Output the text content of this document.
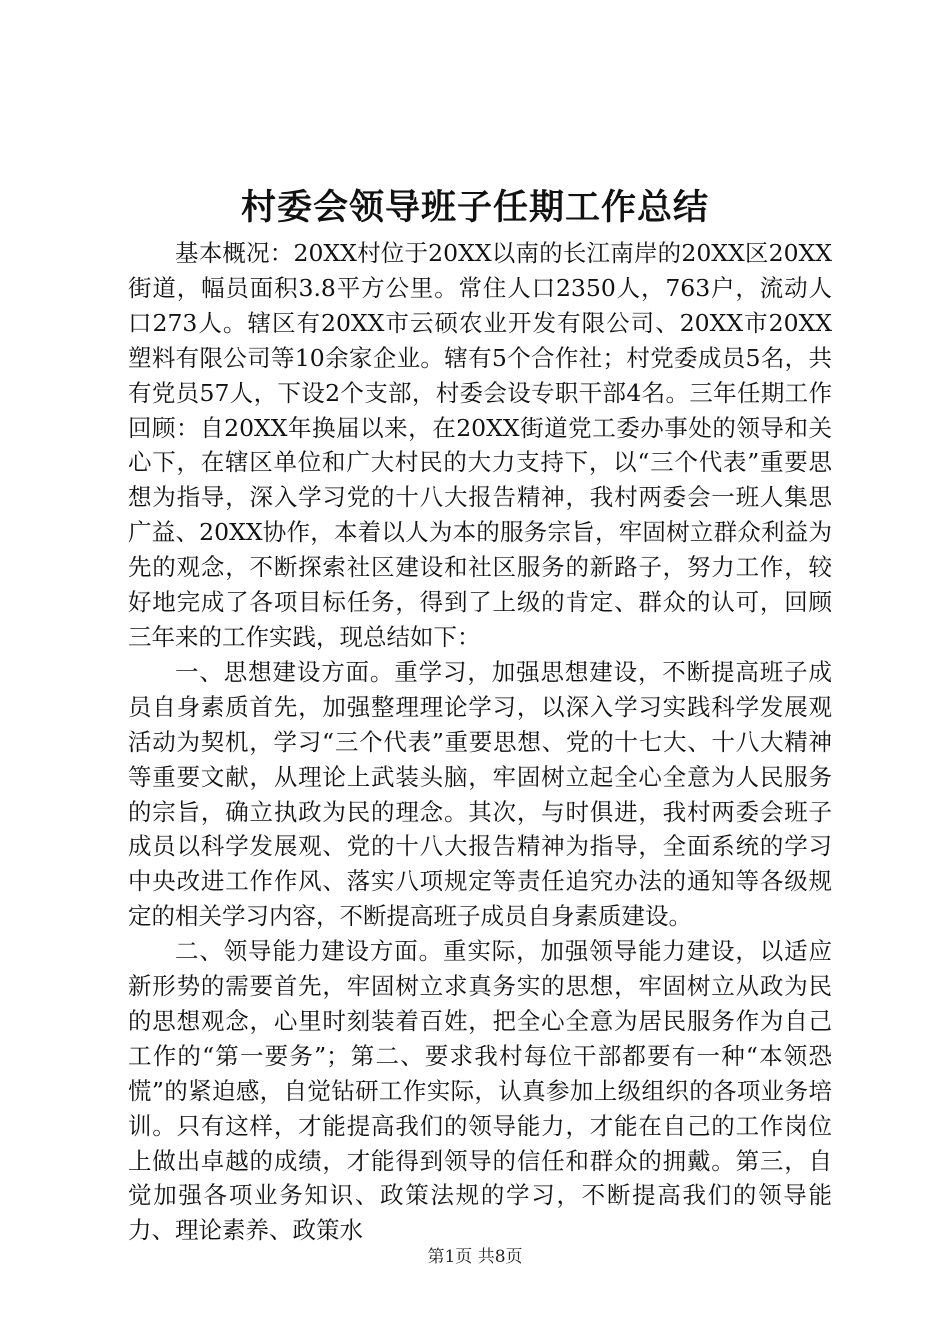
村委会领导班子任期工作总结

基本概况：20XX村位于20XX以南的长江南岸的20XX区20XX街道，幅员面积3.8平方公里。常住人口2350人，763户，流动人口273人。辖区有20XX市云硕农业开发有限公司、20XX市20XX塑料有限公司等10余家企业。辖有5个合作社；村党委成员5名，共有党员57人，下设2个支部，村委会设专职干部4名。三年任期工作回顾：自20XX年换届以来，在20XX街道党工委办事处的领导和关心下，在辖区单位和广大村民的大力支持下，以“三个代表”重要思想为指导，深入学习党的十八大报告精神，我村两委会一班人集思广益、20XX协作，本着以人为本的服务宗旨，牢固树立群众利益为先的观念，不断探索社区建设和社区服务的新路子，努力工作，较好地完成了各项目标任务，得到了上级的肯定、群众的认可，回顾三年来的工作实践，现总结如下：

一、思想建设方面。重学习，加强思想建设，不断提高班子成员自身素质首先，加强整理理论学习，以深入学习实践科学发展观活动为契机，学习“三个代表”重要思想、党的十七大、十八大精神等重要文献，从理论上武装头脑，牢固树立起全心全意为人民服务的宗旨，确立执政为民的理念。其次，与时俱进，我村两委会班子成员以科学发展观、党的十八大报告精神为指导，全面系统的学习中央改进工作作风、落实八项规定等责任追究办法的通知等各级规定的相关学习内容，不断提高班子成员自身素质建设。

二、领导能力建设方面。重实际，加强领导能力建设，以适应新形势的需要首先，牢固树立求真务实的思想，牢固树立从政为民的思想观念，心里时刻装着百姓，把全心全意为居民服务作为自己工作的“第一要务”；第二、要求我村每位干部都要有一种“本领恐慌”的紧迫感，自觉钻研工作实际，认真参加上级组织的各项业务培训。只有这样，才能提高我们的领导能力，才能在自己的工作岗位上做出卓越的成绩，才能得到领导的信任和群众的拥戴。第三，自觉加强各项业务知识、政策法规的学习，不断提高我们的领导能力、理论素养、政策水

第1页 共8页
